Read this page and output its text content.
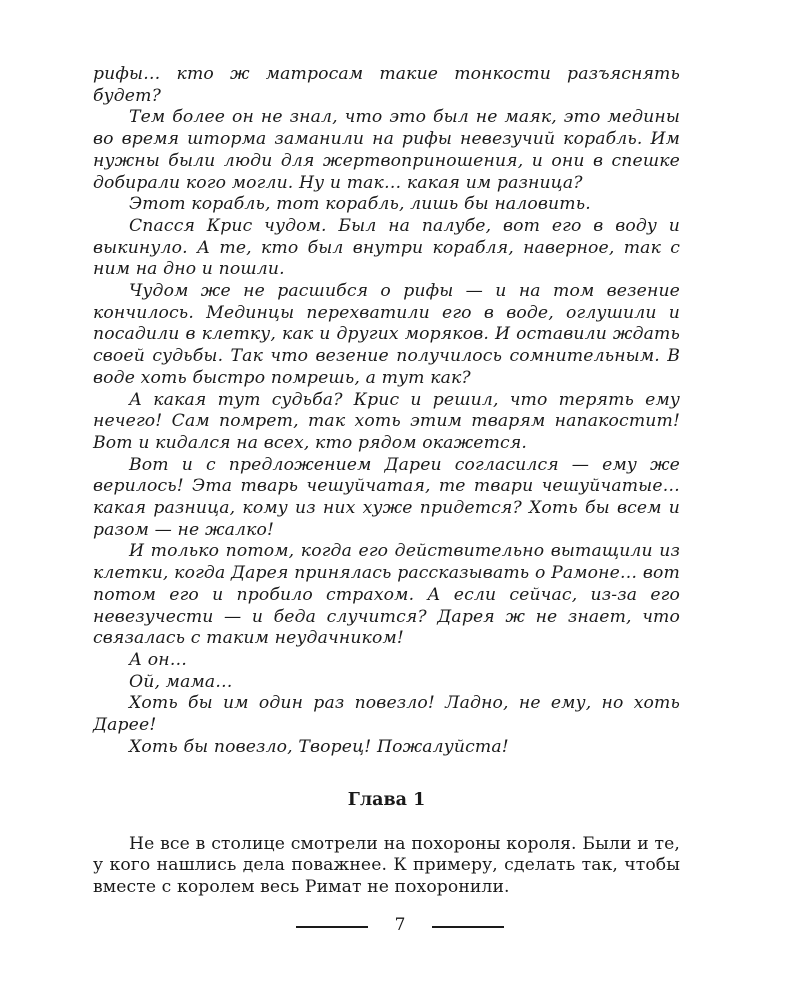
рифы… кто ж матросам такие тонкости разъяснять будет?

Тем более он не знал, что это был не маяк, это медины во время шторма заманили на рифы невезучий корабль. Им нужны были люди для жертвоприношения, и они в спешке добирали кого могли. Ну и так… какая им разница?

Этот корабль, тот корабль, лишь бы наловить.

Спасся Крис чудом. Был на палубе, вот его в воду и выкинуло. А те, кто был внутри корабля, наверное, так с ним на дно и пошли.

Чудом же не расшибся о рифы — и на том везение кончилось. Мединцы перехватили его в воде, оглушили и посадили в клетку, как и других моряков. И оставили ждать своей судьбы. Так что везение получилось сомнительным. В воде хоть быстро помрешь, а тут как?

А какая тут судьба? Крис и решил, что терять ему нечего! Сам помрет, так хоть этим тварям напакостит! Вот и кидался на всех, кто рядом окажется.

Вот и с предложением Дареи согласился — ему же верилось! Эта тварь чешуйчатая, те твари чешуйчатые… какая разница, кому из них хуже придется? Хоть бы всем и разом — не жалко!

И только потом, когда его действительно вытащили из клетки, когда Дарея принялась рассказывать о Рамоне… вот потом его и пробило страхом. А если сейчас, из-за его невезучести — и беда случится? Дарея ж не знает, что связалась с таким неудачником!

А он…

Ой, мама…

Хоть бы им один раз повезло! Ладно, не ему, но хоть Дарее!

Хоть бы повезло, Творец! Пожалуйста!

Глава 1

Не все в столице смотрели на похороны короля. Были и те, у кого нашлись дела поважнее. К примеру, сделать так, чтобы вместе с королем весь Римат не похоронили.

7
